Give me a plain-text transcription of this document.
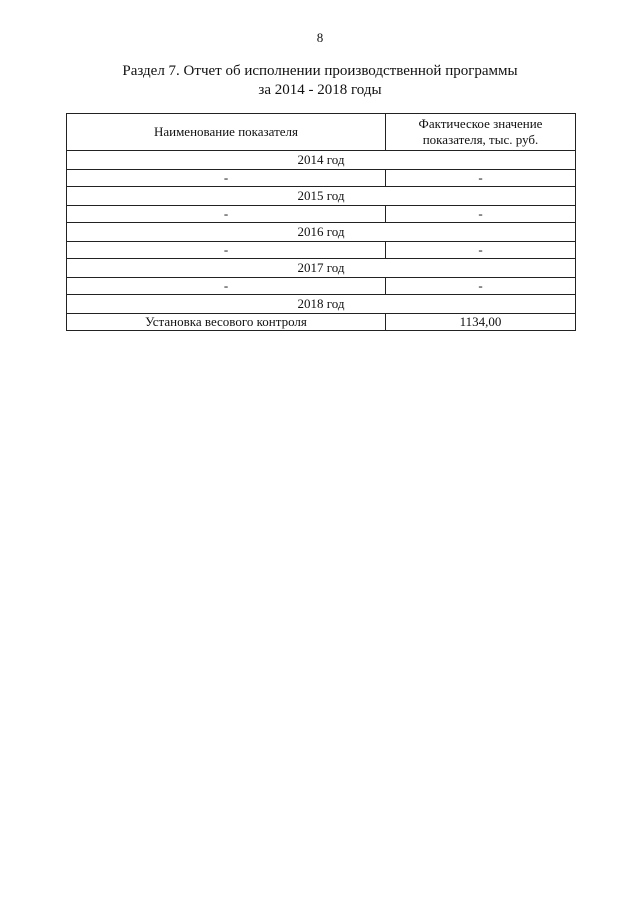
8
Раздел 7. Отчет об исполнении производственной программы
за 2014 - 2018 годы
Наименование показателя	Фактическое значение показателя, тыс. руб.
2014 год	
-	-
2015 год	
-	-
2016 год	
-	-
2017 год	
-	-
2018 год	
Установка весового контроля	1134,00
